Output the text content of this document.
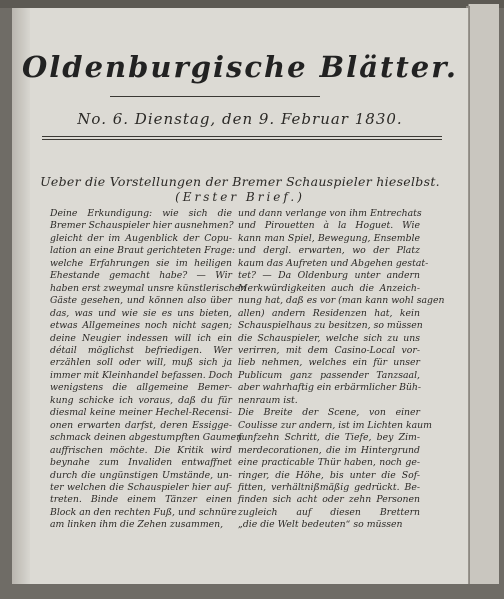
Oldenburgische Blätter.
No. 6. Dienstag, den 9. Februar 1830.
Ueber die Vorstellungen der Bremer Schauspieler hieselbst.
(Erster Brief.)
Deine Erkundigung: wie sich die
Bremer Schauspieler hier ausnehmen?
gleicht der im Augenblick der Copu-
lation an eine Braut gerichteten Frage:
welche Erfahrungen sie im heiligen
Ehestande gemacht habe? — Wir
haben erst zweymal unsre künstlerischen
Gäste gesehen, und können also über
das, was und wie sie es uns bieten,
etwas Allgemeines noch nicht sagen;
deine Neugier indessen will ich ein
détail möglichst befriedigen. Wer
erzählen soll oder will, muß sich ja
immer mit Kleinhandel befassen. Doch
wenigstens die allgemeine Bemer-
kung schicke ich voraus, daß du für
diesmal keine meiner Hechel-Recensi-
onen erwarten darfst, deren Essigge-
schmack deinen abgestumpften Gaumen
auffrischen möchte. Die Kritik wird
beynahe zum Invaliden entwaffnet
durch die ungünstigen Umstände, un-
ter welchen die Schauspieler hier auf-
treten. Binde einem Tänzer einen
Block an den rechten Fuß, und schnüre
am linken ihm die Zehen zusammen,
und dann verlange von ihm Entrechats
und Pirouetten à la Hoguet. Wie
kann man Spiel, Bewegung, Ensemble
und dergl. erwarten, wo der Platz
kaum das Aufreten und Abgehen gestat-
tet? — Da Oldenburg unter andern
Merkwürdigkeiten auch die Anzeich-
nung hat, daß es vor (man kann wohl sagen
allen) andern Residenzen hat, kein
Schauspielhaus zu besitzen, so müssen
die Schauspieler, welche sich zu uns
verirren, mit dem Casino-Local vor-
lieb nehmen, welches ein für unser
Publicum ganz passender Tanzsaal,
aber wahrhaftig ein erbärmlicher Büh-
nenraum ist.
Die Breite der Scene, von einer
Coulisse zur andern, ist im Lichten kaum
funfzehn Schritt, die Tiefe, bey Zim-
merdecorationen, die im Hintergrund
eine practicable Thür haben, noch ge-
ringer, die Höhe, bis unter die Sof-
fitten, verhältnißmäßig gedrückt. Be-
finden sich acht oder zehn Personen
zugleich auf diesen Brettern
„die die Welt bedeuten“ so müssen
